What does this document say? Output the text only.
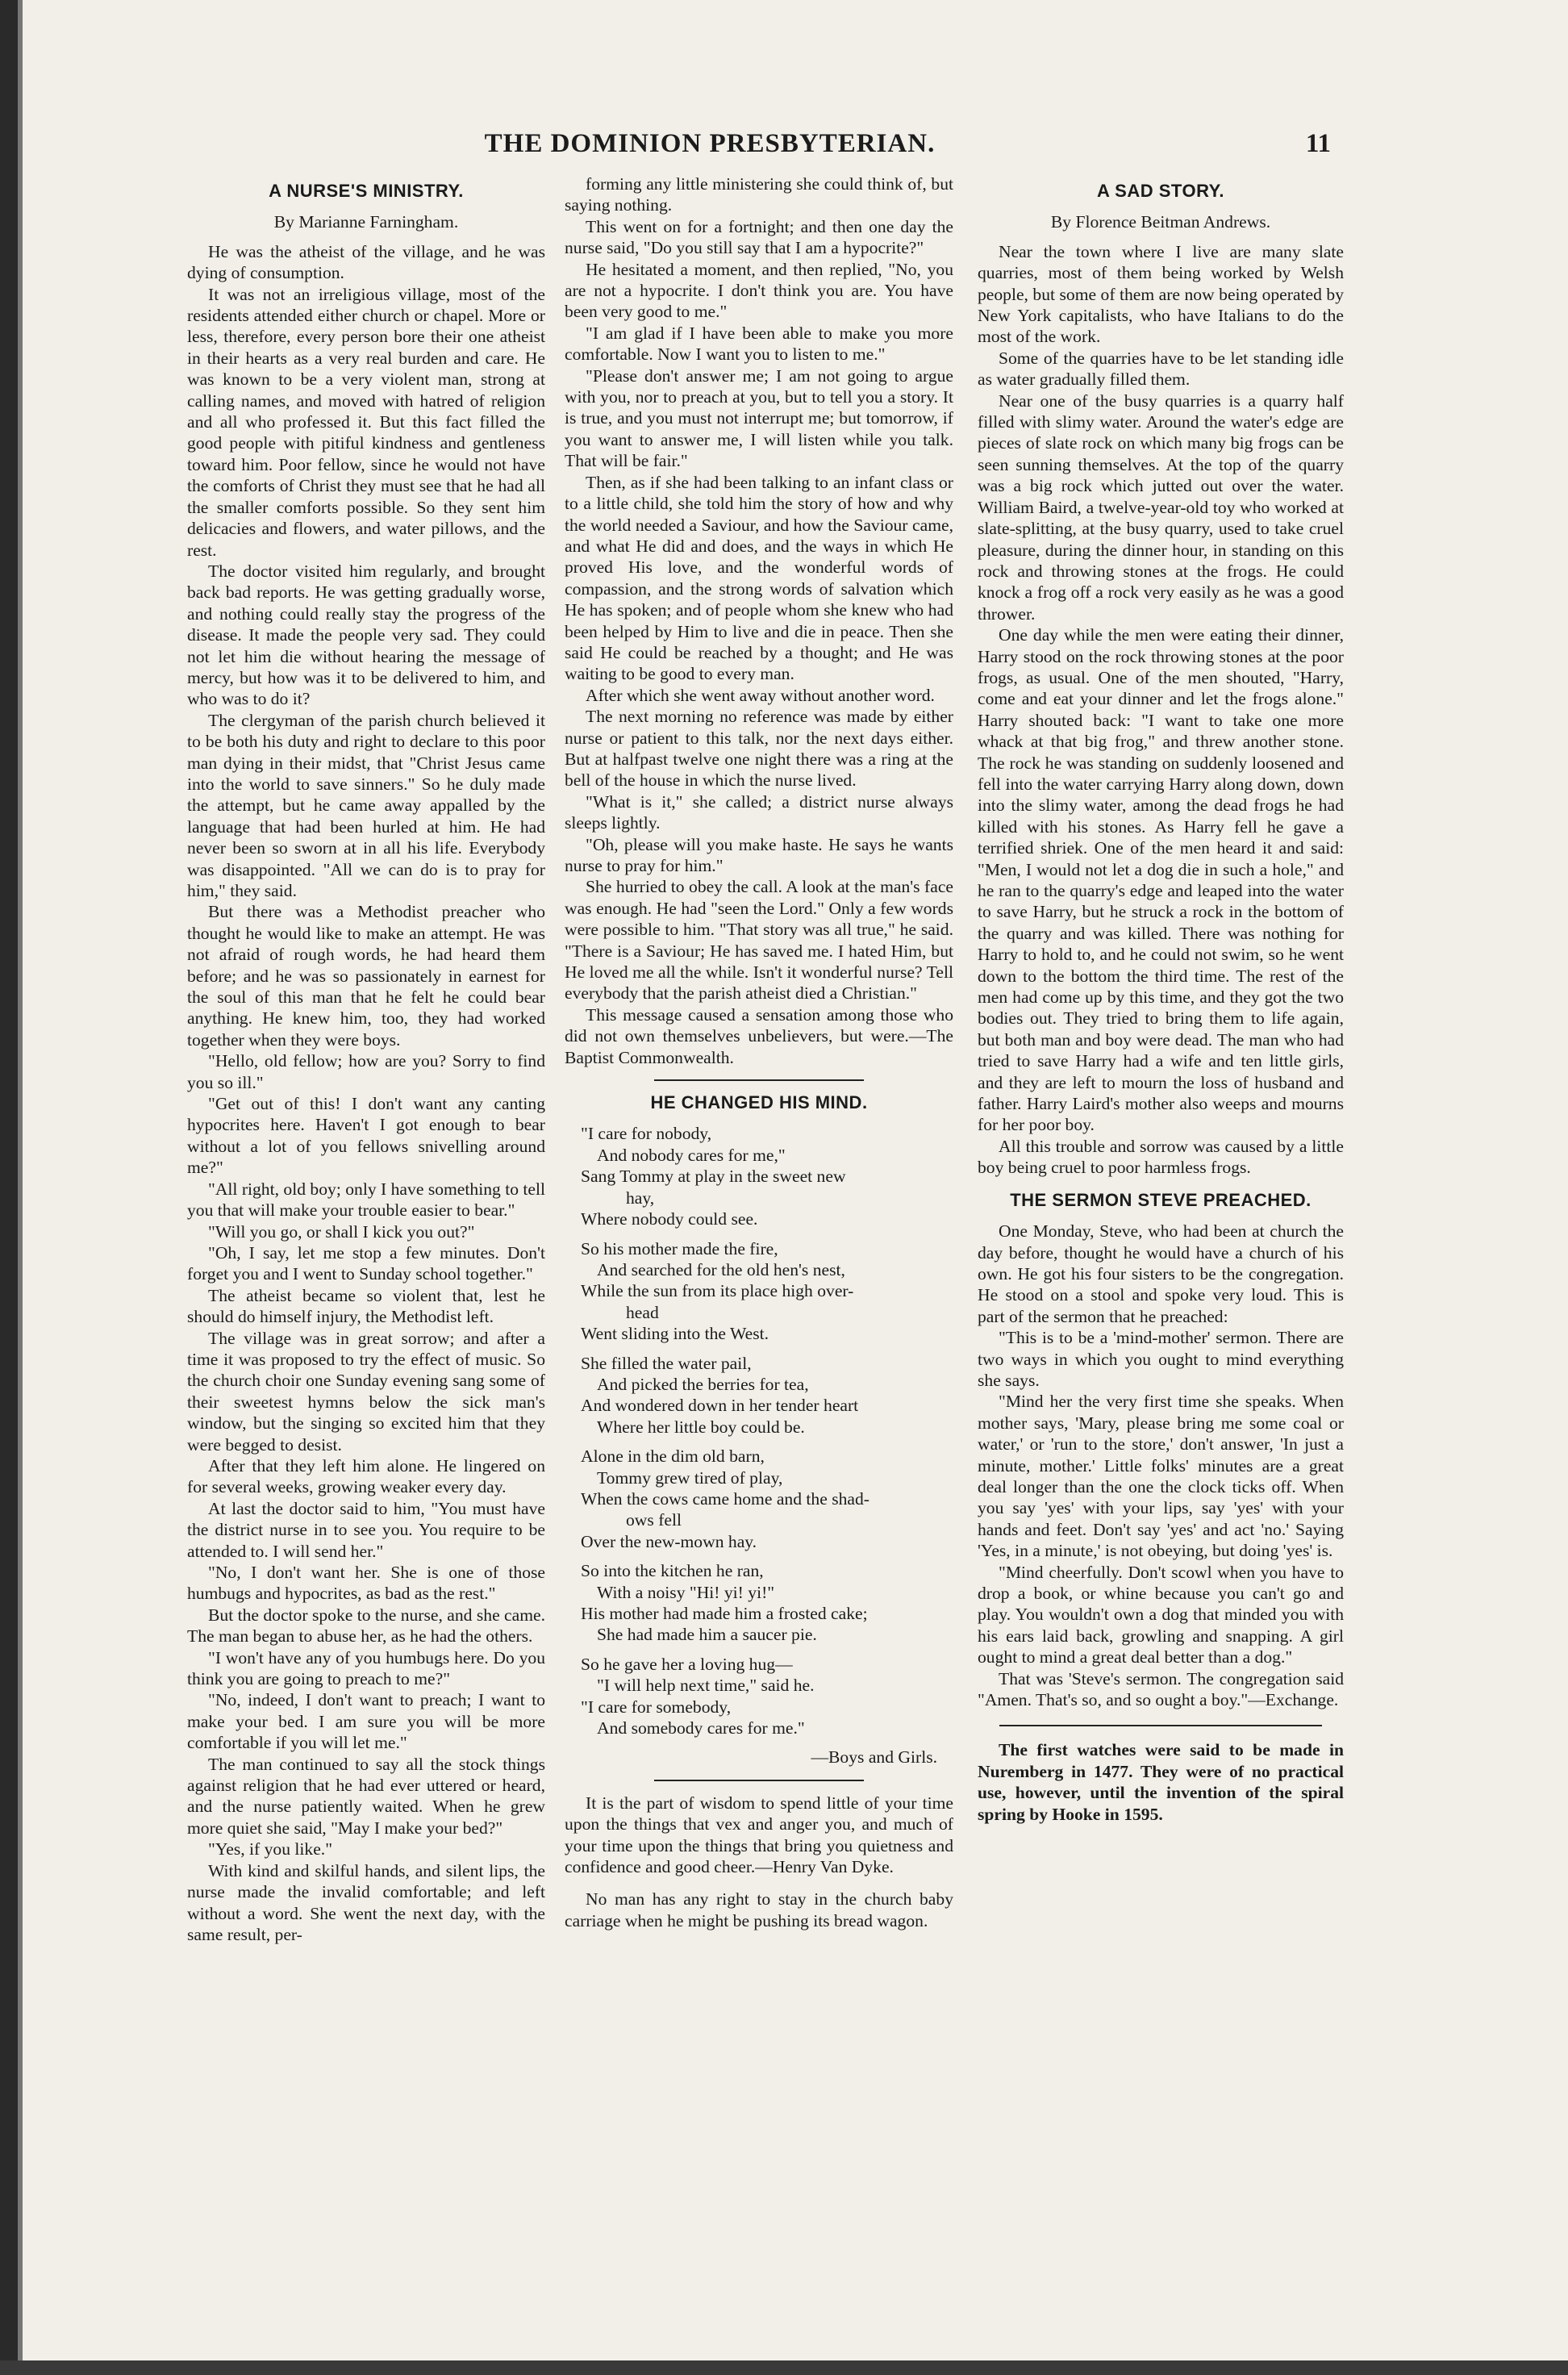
THE DOMINION PRESBYTERIAN.	11
A NURSE'S MINISTRY.
By Marianne Farningham.

He was the atheist of the village, and he was dying of consumption.

It was not an irreligious village, most of the residents attended either church or chapel. More or less, therefore, every person bore their one atheist in their hearts as a very real burden and care. He was known to be a very violent man, strong at calling names, and moved with hatred of religion and all who professed it. But this fact filled the good people with pitiful kindness and gentleness toward him. Poor fellow, since he would not have the comforts of Christ they must see that he had all the smaller comforts possible. So they sent him delicacies and flowers, and water pillows, and the rest.

The doctor visited him regularly, and brought back bad reports. He was getting gradually worse, and nothing could really stay the progress of the disease. It made the people very sad. They could not let him die without hearing the message of mercy, but how was it to be delivered to him, and who was to do it?

The clergyman of the parish church believed it to be both his duty and right to declare to this poor man dying in their midst, that "Christ Jesus came into the world to save sinners." So he duly made the attempt, but he came away appalled by the language that had been hurled at him. He had never been so sworn at in all his life. Everybody was disappointed. "All we can do is to pray for him," they said.

But there was a Methodist preacher who thought he would like to make an attempt. He was not afraid of rough words, he had heard them before; and he was so passionately in earnest for the soul of this man that he felt he could bear anything. He knew him, too, they had worked together when they were boys.

"Hello, old fellow; how are you? Sorry to find you so ill."

"Get out of this! I don't want any canting hypocrites here. Haven't I got enough to bear without a lot of you fellows snivelling around me?"

"All right, old boy; only I have something to tell you that will make your trouble easier to bear."

"Will you go, or shall I kick you out?"

"Oh, I say, let me stop a few minutes. Don't forget you and I went to Sunday school together."

The atheist became so violent that, lest he should do himself injury, the Methodist left.

The village was in great sorrow; and after a time it was proposed to try the effect of music. So the church choir one Sunday evening sang some of their sweetest hymns below the sick man's window, but the singing so excited him that they were begged to desist.

After that they left him alone. He lingered on for several weeks, growing weaker every day.

At last the doctor said to him, "You must have the district nurse in to see you. You require to be attended to. I will send her."

"No, I don't want her. She is one of those humbugs and hypocrites, as bad as the rest."

But the doctor spoke to the nurse, and she came. The man began to abuse her, as he had the others.

"I won't have any of you humbugs here. Do you think you are going to preach to me?"

"No, indeed, I don't want to preach; I want to make your bed. I am sure you will be more comfortable if you will let me."

The man continued to say all the stock things against religion that he had ever uttered or heard, and the nurse patiently waited. When he grew more quiet she said, "May I make your bed?"

"Yes, if you like."

With kind and skilful hands, and silent lips, the nurse made the invalid comfortable; and left without a word. She went the next day, with the same result, per-

forming any little ministering she could think of, but saying nothing.

This went on for a fortnight; and then one day the nurse said, "Do you still say that I am a hypocrite?"

He hesitated a moment, and then replied, "No, you are not a hypocrite. I don't think you are. You have been very good to me."

"I am glad if I have been able to make you more comfortable. Now I want you to listen to me."

"Please don't answer me; I am not going to argue with you, nor to preach at you, but to tell you a story. It is true, and you must not interrupt me; but tomorrow, if you want to answer me, I will listen while you talk. That will be fair."

Then, as if she had been talking to an infant class or to a little child, she told him the story of how and why the world needed a Saviour, and how the Saviour came, and what He did and does, and the ways in which He proved His love, and the wonderful words of compassion, and the strong words of salvation which He has spoken; and of people whom she knew who had been helped by Him to live and die in peace. Then she said He could be reached by a thought; and He was waiting to be good to every man.

After which she went away without another word.

The next morning no reference was made by either nurse or patient to this talk, nor the next days either. But at halfpast twelve one night there was a ring at the bell of the house in which the nurse lived.

"What is it," she called; a district nurse always sleeps lightly.

"Oh, please will you make haste. He says he wants nurse to pray for him."

She hurried to obey the call. A look at the man's face was enough. He had "seen the Lord." Only a few words were possible to him. "That story was all true," he said. "There is a Saviour; He has saved me. I hated Him, but He loved me all the while. Isn't it wonderful nurse? Tell everybody that the parish atheist died a Christian."

This message caused a sensation among those who did not own themselves unbelievers, but were.—The Baptist Commonwealth.

HE CHANGED HIS MIND.
"I care for nobody,
And nobody cares for me,"
Sang Tommy at play in the sweet new
hay,
Where nobody could see.
So his mother made the fire,
And searched for the old hen's nest,
While the sun from its place high over-
head
Went sliding into the West.
She filled the water pail,
And picked the berries for tea,
And wondered down in her tender heart
Where her little boy could be.
Alone in the dim old barn,
Tommy grew tired of play,
When the cows came home and the shad-
ows fell
Over the new-mown hay.
So into the kitchen he ran,
With a noisy "Hi! yi! yi!"
His mother had made him a frosted cake;
She had made him a saucer pie.
So he gave her a loving hug—
"I will help next time," said he.
"I care for somebody,
And somebody cares for me."
—Boys and Girls.

It is the part of wisdom to spend little of your time upon the things that vex and anger you, and much of your time upon the things that bring you quietness and confidence and good cheer.—Henry Van Dyke.

No man has any right to stay in the church baby carriage when he might be pushing its bread wagon.

A SAD STORY.
By Florence Beitman Andrews.

Near the town where I live are many slate quarries, most of them being worked by Welsh people, but some of them are now being operated by New York capitalists, who have Italians to do the most of the work.

Some of the quarries have to be let standing idle as water gradually filled them.

Near one of the busy quarries is a quarry half filled with slimy water. Around the water's edge are pieces of slate rock on which many big frogs can be seen sunning themselves. At the top of the quarry was a big rock which jutted out over the water. William Baird, a twelve-year-old toy who worked at slate-splitting, at the busy quarry, used to take cruel pleasure, during the dinner hour, in standing on this rock and throwing stones at the frogs. He could knock a frog off a rock very easily as he was a good thrower.

One day while the men were eating their dinner, Harry stood on the rock throwing stones at the poor frogs, as usual. One of the men shouted, "Harry, come and eat your dinner and let the frogs alone." Harry shouted back: "I want to take one more whack at that big frog," and threw another stone. The rock he was standing on suddenly loosened and fell into the water carrying Harry along down, down into the slimy water, among the dead frogs he had killed with his stones. As Harry fell he gave a terrified shriek. One of the men heard it and said: "Men, I would not let a dog die in such a hole," and he ran to the quarry's edge and leaped into the water to save Harry, but he struck a rock in the bottom of the quarry and was killed. There was nothing for Harry to hold to, and he could not swim, so he went down to the bottom the third time. The rest of the men had come up by this time, and they got the two bodies out. They tried to bring them to life again, but both man and boy were dead. The man who had tried to save Harry had a wife and ten little girls, and they are left to mourn the loss of husband and father. Harry Laird's mother also weeps and mourns for her poor boy.

All this trouble and sorrow was caused by a little boy being cruel to poor harmless frogs.

THE SERMON STEVE PREACHED.

One Monday, Steve, who had been at church the day before, thought he would have a church of his own. He got his four sisters to be the congregation. He stood on a stool and spoke very loud. This is part of the sermon that he preached:

"This is to be a 'mind-mother' sermon. There are two ways in which you ought to mind everything she says.

"Mind her the very first time she speaks. When mother says, 'Mary, please bring me some coal or water,' or 'run to the store,' don't answer, 'In just a minute, mother.' Little folks' minutes are a great deal longer than the one the clock ticks off. When you say 'yes' with your lips, say 'yes' with your hands and feet. Don't say 'yes' and act 'no.' Saying 'Yes, in a minute,' is not obeying, but doing 'yes' is.

"Mind cheerfully. Don't scowl when you have to drop a book, or whine because you can't go and play. You wouldn't own a dog that minded you with his ears laid back, growling and snapping. A girl ought to mind a great deal better than a dog."

That was 'Steve's sermon. The congregation said "Amen. That's so, and so ought a boy."—Exchange.

The first watches were said to be made in Nuremberg in 1477. They were of no practical use, however, until the invention of the spiral spring by Hooke in 1595.
